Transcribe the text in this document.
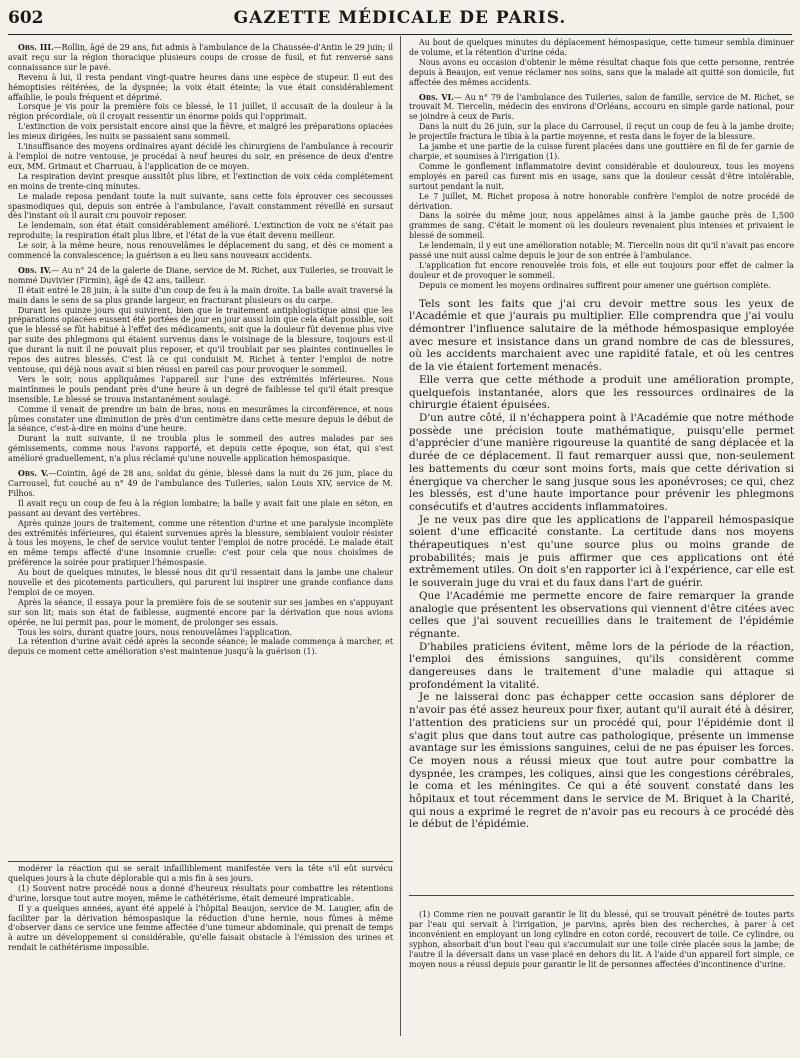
602	GAZETTE MÉDICALE DE PARIS.

Obs. III.—Rollin, âgé de 29 ans, fut admis à l'ambulance de la Chaussée-d'Antin le 29 juin; il avait reçu sur la région thoracique plusieurs coups de crosse de fusil, et fut renversé sans connaissance sur le pavé.

Revenu à lui, il resta pendant vingt-quatre heures dans une espèce de stupeur. Il eut des hémoptisies réitérées, de la dyspnée; la voix était éteinte; la vue était considérablement affaiblie, le pouls fréquent et déprimé.

Lorsque je vis pour la première fois ce blessé, le 11 juillet, il accusait de la douleur à la région précordiale, où il croyait ressentir un énorme poids qui l'opprimait.

L'extinction de voix persistait encore ainsi que la fièvre, et malgré les préparations opiacées les mieux dirigées, les nuits se passaient sans sommeil.

L'insuffisance des moyens ordinaires ayant décidé les chirurgiens de l'ambulance à recourir à l'emploi de notre ventouse, je procédai à neuf heures du soir, en présence de deux d'entre eux, MM. Grimaut et Charruau, à l'application de ce moyen.

La respiration devint presque aussitôt plus libre, et l'extinction de voix cédа complétement en moins de trente-cinq minutes.

Le malade reposa pendant toute la nuit suivante, sans cette fois éprouver ces secousses spasmodiques qui, depuis son entrée à l'ambulance, l'avait constamment réveillé en sursaut dès l'instant où il aurait cru pouvoir reposer.

Le lendemain, son état était considérablement amélioré. L'extinction de voix ne s'était pas reproduite; la respiration était plus libre, et l'état de la vue était devenu meilleur.

Le soir, à la même heure, nous renouvelâmes le déplacement du sang, et dès ce moment a commencé la convalescence; la guérison a eu lieu sans nouveaux accidents.

Obs. IV.— Au n° 24 de la galerie de Diane, service de M. Richet, aux Tuileries, se trouvait le nommé Duvivier (Firmin), âgé de 42 ans, tailleur.

Il était entré le 28 juin, à la suite d'un coup de feu à la main droite. La balle avait traversé la main dans le sens de sa plus grande largeur, en fracturant plusieurs os du carpe.

Durant les quinze jours qui suivirent, bien que le traitement antiphlogistique ainsi que les préparations opiacées eussent été portées de jour en jour aussi loin que cela était possible, soit que le blessé se fût habitué à l'effet des médicaments, soit que la douleur fût devenue plus vive par suite des phlegmons qui étaient survenus dans le voisinage de la blessure, toujours est-il que durant la nuit il ne pouvait plus reposer, et qu'il troublait par ses plaintes continuelles le repos des autres blessés. C'est là ce qui conduisit M. Richet à tenter l'emploi de notre ventouse, qui déjà nous avait si bien réussi en pareil cas pour provoquer le sommeil.

Vers le soir, nous appliquâmes l'appareil sur l'une des extrémités inférieures. Nous maintînmes le pouls pendant près d'une heure à un degré de faiblesse tel qu'il était presque insensible. Le blessé se trouva instantanément soulagé.

Comme il venait de prendre un bain de bras, nous en mesurâmes la circonférence, et nous pûmes constater une diminution de près d'un centimètre dans cette mesure depuis le début de la séance, c'est-à-dire en moins d'une heure.

Durant la nuit suivante, il ne troubla plus le sommeil des autres malades par ses gémissements, comme nous l'avons rapporté, et depuis cette époque, son état, qui s'est amélioré graduellement, n'a plus réclamé qu'une nouvelle application hémospasique.

Obs. V.—Cointin, âgé de 28 ans, soldat du génie, blessé dans la nuit du 26 juin, place du Carrousel, fut couché au n° 49 de l'ambulance des Tuileries, salon Louis XIV, service de M. Filhos.

Il avait reçu un coup de feu à la région lombaire; la balle y avait fait une plaie en séton, en passant au devant des vertèbres.

Après quinze jours de traitement, comme une rétention d'urine et une paralysie incomplète des extrémités inférieures, qui étaient survenues après la blessure, semblaient vouloir résister à tous les moyens, le chef de service voulut tenter l'emploi de notre procédé. Le malade était en même temps affecté d'une insomnie cruelle: c'est pour cela que nous choisîmes de préférence la soirée pour pratiquer l'hémospasie.

Au bout de quelques minutes, le blessé nous dit qu'il ressentait dans la jambe une chaleur nouvelle et des picotements particuliers, qui parurent lui inspirer une grande confiance dans l'emploi de ce moyen.

Après la séance, il essaya pour la première fois de se soutenir sur ses jambes en s'appuyant sur son lit; mais son état de faiblesse, augmenté encore par la dérivation que nous avions opérée, ne lui permit pas, pour le moment, de prolonger ses essais.

Tous les soirs, durant quatre jours, nous renouvelâmes l'application.

La rétention d'urine avait cédé après la seconde séance; le malade commença à marcher, et depuis ce moment cette amélioration s'est maintenue jusqu'à la guérison (1).

modérer la réaction qui se serait infailliblement manifestée vers la tête s'il eût survécu quelques jours à la chute déplorable qui a mis fin à ses jours.

(1) Souvent notre procédé nous a donné d'heureux résultats pour combattre les rétentions d'urine, lorsque tout autre moyen, même le cathétérisme, était demeuré impraticable.

Il y a quelques années, ayant été appelé à l'hôpital Beaujon, service de M. Laugier, afin de faciliter par la dérivation hémospasique la réduction d'une hernie, nous fûmes à même d'observer dans ce service une femme affectée d'une tumeur abdominale, qui prenait de temps à autre un développement si considérable, qu'elle faisait obstacle à l'émission des urines et rendait le cathétérisme impossible.

Au bout de quelques minutes du déplacement hémospasique, cette tumeur sembla diminuer de volume, et la rétention d'urine céda.

Nous avons eu occasion d'obtenir le même résultat chaque fois que cette personne, rentrée depuis à Beaujon, est venue réclamer nos soins, sans que la malade ait quitté son domicile, fut affectée des mêmes accidents.

Obs. VI.— Au n° 79 de l'ambulance des Tuileries, salon de famille, service de M. Richet, se trouvait M. Tiercelin, médecin des environs d'Orléans, accouru en simple garde national, pour se joindre à ceux de Paris.

Dans la nuit du 26 juin, sur la place du Carrousel, il reçut un coup de feu à la jambe droite; le projectile fractura le tibia à la partie moyenne, et resta dans le foyer de la blessure.

La jambe et une partie de la cuisse furent placées dans une gouttière en fil de fer garnie de charpie, et soumises à l'irrigation (1).

Comme le gonflement inflammatoire devint considérable et douloureux, tous les moyens employés en pareil cas furent mis en usage, sans que la douleur cessât d'être intolérable, surtout pendant la nuit.

Le 7 juillet, M. Richet proposa à notre honorable confrère l'emploi de notre procédé de dérivation.

Dans la soirée du même jour, nous appelâmes ainsi à la jambe gauche près de 1,500 grammes de sang. C'était le moment où les douleurs revenaient plus intenses et privaient le blessé de sommeil.

Le lendemain, il y eut une amélioration notable; M. Tiercelin nous dit qu'il n'avait pas encore passé une nuit aussi calme depuis le jour de son entrée à l'ambulance.

L'application fut encore renouvelée trois fois, et elle eut toujours pour effet de calmer la douleur et de provoquer le sommeil.

Depuis ce moment les moyens ordinaires suffirent pour amener une guérison complète.

Tels sont les faits que j'ai cru devoir mettre sous les yeux de l'Académie et que j'aurais pu multiplier. Elle comprendra que j'ai voulu démontrer l'influence salutaire de la méthode hémospasique employée avec mesure et insistance dans un grand nombre de cas de blessures, où les accidents marchaient avec une rapidité fatale, et où les centres de la vie étaient fortement menacés.

Elle verra que cette méthode a produit une amélioration prompte, quelquefois instantanée, alors que les ressources ordinaires de la chirurgie étaient épuisées.

D'un autre côté, il n'échappera point à l'Académie que notre méthode possède une précision toute mathématique, puisqu'elle permet d'apprécier d'une manière rigoureuse la quantité de sang déplacée et la durée de ce déplacement. Il faut remarquer aussi que, non-seulement les battements du cœur sont moins forts, mais que cette dérivation si énergique va chercher le sang jusque sous les aponévroses; ce qui, chez les blessés, est d'une haute importance pour prévenir les phlegmons consécutifs et d'autres accidents inflammatoires.

Je ne veux pas dire que les applications de l'appareil hémospasique soient d'une efficacité constante. La certitude dans nos moyens thérapeutiques n'est qu'une source plus ou moins grande de probabilités; mais je puis affirmer que ces applications ont été extrêmement utiles. On doit s'en rapporter ici à l'expérience, car elle est le souverain juge du vrai et du faux dans l'art de guérir.

Que l'Académie me permette encore de faire remarquer la grande analogie que présentent les observations qui viennent d'être citées avec celles que j'ai souvent recueillies dans le traitement de l'épidémie régnante.

D'habiles praticiens évitent, même lors de la période de la réaction, l'emploi des émissions sanguines, qu'ils considèrent comme dangereuses dans le traitement d'une maladie qui attaque si profondément la vitalité.

Je ne laisserai donc pas échapper cette occasion sans déplorer de n'avoir pas été assez heureux pour fixer, autant qu'il aurait été à désirer, l'attention des praticiens sur un procédé qui, pour l'épidémie dont il s'agit plus que dans tout autre cas pathologique, présente un immense avantage sur les émissions sanguines, celui de ne pas épuiser les forces. Ce moyen nous a réussi mieux que tout autre pour combattre la dyspnée, les crampes, les coliques, ainsi que les congestions cérébrales, le coma et les méningites. Ce qui a été souvent constaté dans les hôpitaux et tout récemment dans le service de M. Briquet à la Charité, qui nous a exprimé le regret de n'avoir pas eu recours à ce procédé dès le début de l'épidémie.

(1) Comme rien ne pouvait garantir le lit du blessé, qui se trouvait pénétré de toutes parts par l'eau qui servait à l'irrigation, je parvins, après bien des recherches, à parer à cet inconvénient en employant un long cylindre en coton cordé, recouvert de toile. Ce cylindre, ou syphon, absorbait d'un bout l'eau qui s'accumulait sur une toile cirée placée sous la jambe; de l'autre il la déversait dans un vase placé en dehors du lit. A l'aide d'un appareil fort simple, ce moyen nous a réussi depuis pour garantir le lit de personnes affectées d'incontinence d'urine.
